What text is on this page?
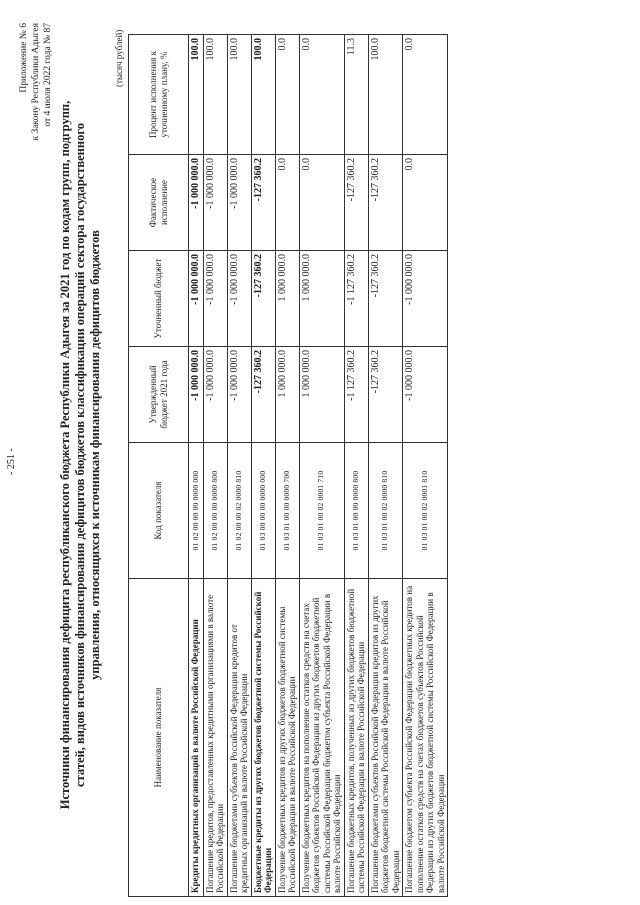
- 251 -
Приложение № 6 к Закону Республики Адыгея от 4 июля 2022 года № 87
Источники финансирования дефицита республиканского бюджета Республики Адыгея за 2021 год по кодам групп, подгрупп, статей, видов источников финансирования дефицитов бюджетов классификации операций сектора государственного управления, относящихся к источникам финансирования дефицитов бюджетов
(тысяч рублей)
Наименование показателя	Код показателя	Утвержденный бюджет 2021 года	Уточненный бюджет	Фактическое исполнение	Процент исполнения к уточненному плану, %
Кредиты кредитных организаций в валюте Российской Федерации	01 02 00 00 00 0000 000	-1 000 000.0	-1 000 000.0	-1 000 000.0	100.0
Погашение кредитов, предоставленных кредитными организациями в валюте Российской Федерации	01 02 00 00 00 0000 800	-1 000 000.0	-1 000 000.0	-1 000 000.0	100.0
Погашение бюджетами субъектов Российской Федерации кредитов от кредитных организаций в валюте Российской Федерации	01 02 00 00 02 0000 810	-1 000 000.0	-1 000 000.0	-1 000 000.0	100.0
Бюджетные кредиты из других бюджетов бюджетной системы Российской Федерации	01 03 00 00 00 0000 000	-127 360.2	-127 360.2	-127 360.2	100.0
Получение бюджетных кредитов из других бюджетов бюджетной системы Российской Федерации в валюте Российской Федерации	01 03 01 00 00 0000 700	1 000 000.0	1 000 000.0	0.0	0.0
Получение бюджетных кредитов на пополнение остатков средств на счетах бюджетов субъектов Российской Федерации из других бюджетов бюджетной системы Российской Федерации бюджетом субъекта Российской Федерации в валюте Российской Федерации	01 03 01 00 02 0001 710	1 000 000.0	1 000 000.0	0.0	0.0
Погашение бюджетных кредитов, полученных из других бюджетов бюджетной системы Российской Федерации в валюте Российской Федерации	01 03 01 00 00 0000 800	-1 127 360.2	-1 127 360.2	-127 360.2	11.3
Погашение бюджетами субъектов Российской Федерации кредитов из других бюджетов бюджетной системы Российской Федерации в валюте Российской Федерации	01 03 01 00 02 0000 810	-127 360.2	-127 360.2	-127 360.2	100.0
Погашение бюджетом субъекта Российской Федерации бюджетных кредитов на пополнение остатков средств на счетах бюджетов субъектов Российской Федерации из других бюджетов бюджетной системы Российской Федерации в валюте Российской Федерации	01 03 01 00 02 0001 810	-1 000 000.0	-1 000 000.0	0.0	0.0
